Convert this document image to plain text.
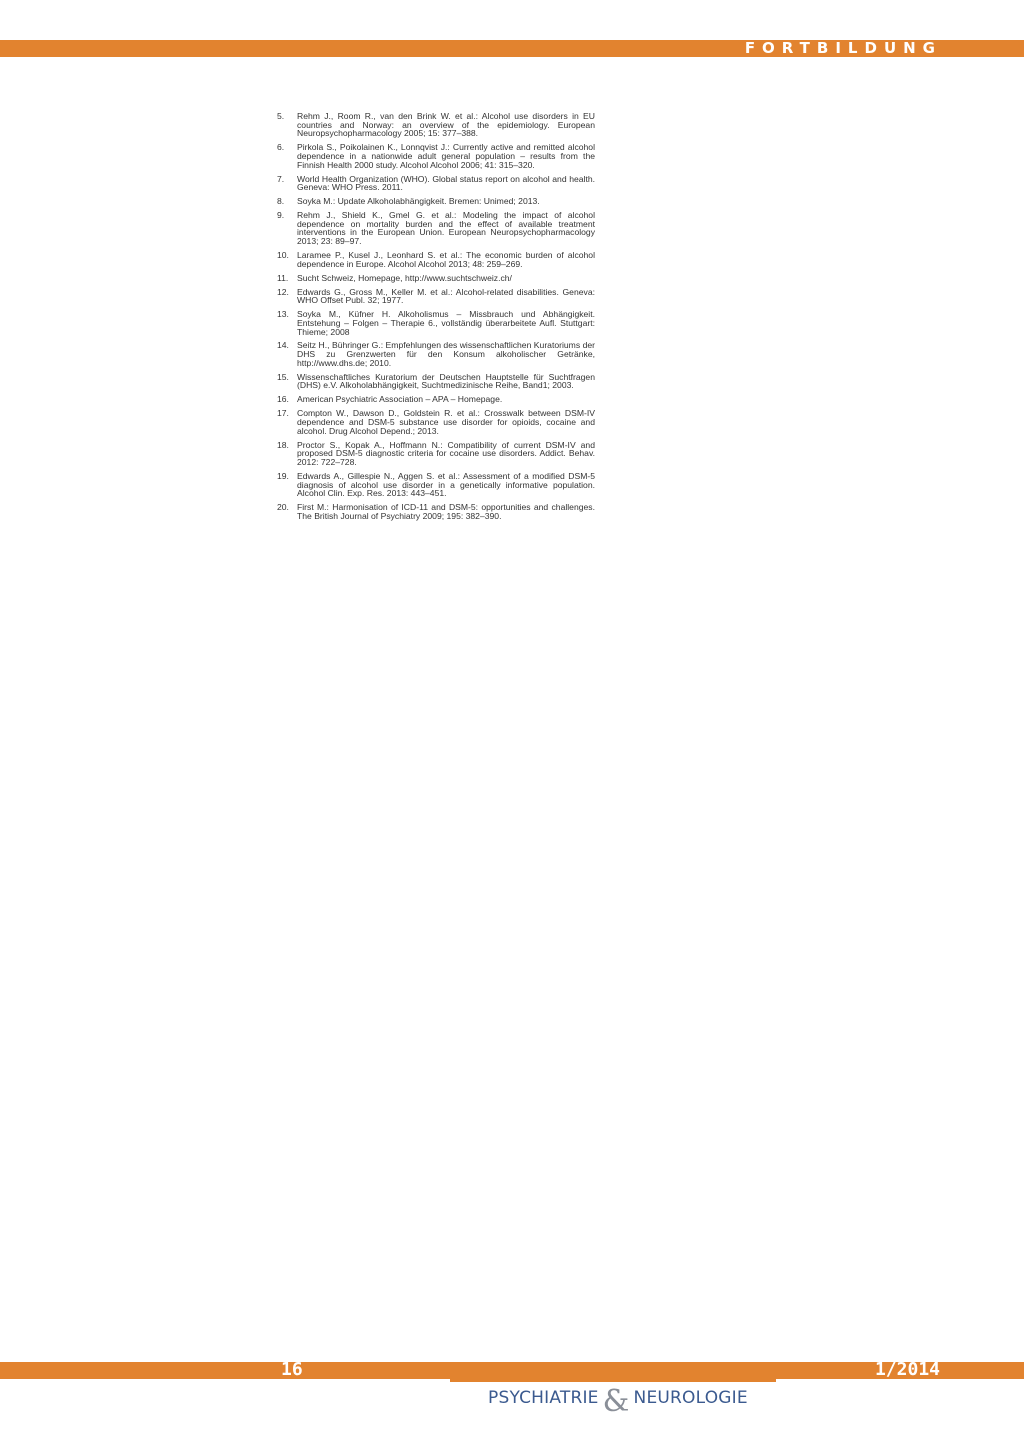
FORTBILDUNG
5.	Rehm J., Room R., van den Brink W. et al.: Alcohol use disorders in EU countries and Norway: an overview of the epidemiology. European Neuropsychopharmacology 2005; 15: 377–388.
6.	Pirkola S., Poikolainen K., Lonnqvist J.: Currently active and remitted alcohol dependence in a nationwide adult general population – results from the Finnish Health 2000 study. Alcohol Alcohol 2006; 41: 315–320.
7.	World Health Organization (WHO). Global status report on alcohol and health. Geneva: WHO Press. 2011.
8.	Soyka M.: Update Alkoholabhängigkeit. Bremen: Unimed; 2013.
9.	Rehm J., Shield K., Gmel G. et al.: Modeling the impact of alcohol dependence on mortality burden and the effect of available treatment interventions in the European Union. European Neuropsychopharmacology 2013; 23: 89–97.
10. Laramee P., Kusel J., Leonhard S. et al.: The economic burden of alcohol dependence in Europe. Alcohol Alcohol 2013; 48: 259–269.
11.	Sucht Schweiz, Homepage, http://www.suchtschweiz.ch/
12. Edwards G., Gross M., Keller M. et al.: Alcohol-related disabilities. Geneva: WHO Offset Publ. 32; 1977.
13. Soyka M., Küfner H. Alkoholismus – Missbrauch und Abhängigkeit. Entstehung – Folgen – Therapie 6., vollständig überarbeitete Aufl. Stuttgart: Thieme; 2008
14. Seitz H., Bühringer G.: Empfehlungen des wissenschaftlichen Kuratoriums der DHS zu Grenzwerten für den Konsum alkoholischer Getränke, http://www.dhs.de; 2010.
15. Wissenschaftliches Kuratorium der Deutschen Hauptstelle für Suchtfragen (DHS) e.V. Alkoholabhängigkeit, Suchtmedizinische Reihe, Band1; 2003.
16. American Psychiatric Association – APA – Homepage.
17. Compton W., Dawson D., Goldstein R. et al.: Crosswalk between DSM-IV dependence and DSM-5 substance use disorder for opioids, cocaine and alcohol. Drug Alcohol Depend.; 2013.
18. Proctor S., Kopak A., Hoffmann N.: Compatibility of current DSM-IV and proposed DSM-5 diagnostic criteria for cocaine use disorders. Addict. Behav. 2012: 722–728.
19. Edwards A., Gillespie N., Aggen S. et al.: Assessment of a modified DSM-5 diagnosis of alcohol use disorder in a genetically informative population. Alcohol Clin. Exp. Res. 2013: 443–451.
20. First M.: Harmonisation of ICD-11 and DSM-5: opportunities and challenges. The British Journal of Psychiatry 2009; 195: 382–390.
16	1/2014
PSYCHIATRIE & NEUROLOGIE
